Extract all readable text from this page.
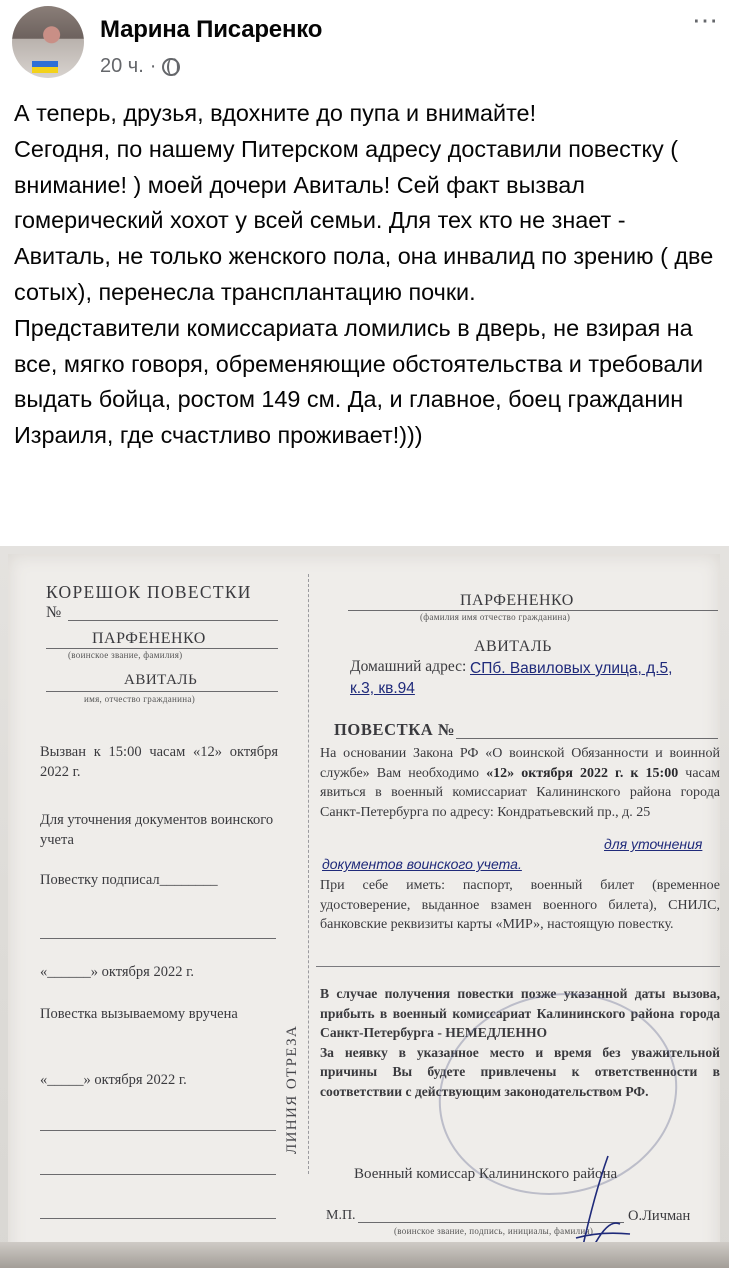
Марина Писаренко
20 ч. ·
⋯
А теперь, друзья, вдохните до пупа и внимайте!
Сегодня, по нашему Питерском адресу доставили повестку ( внимание! ) моей дочери Авиталь! Сей факт вызвал гомерический хохот у всей семьи. Для тех кто не знает - Авиталь, не только женского пола, она инвалид по зрению ( две сотых), перенесла трансплантацию почки.
Представители комиссариата ломились в дверь, не взирая на все, мягко говоря, обременяющие обстоятельства и требовали выдать бойца, ростом 149 см. Да, и главное, боец гражданин Израиля, где счастливо проживает!)))
КОРЕШОК ПОВЕСТКИ
№
ПАРФЕНЕНКО
(воинское звание, фамилия)
АВИТАЛЬ
имя, отчество гражданина)
Вызван к 15:00 часам «12» октября 2022 г.
Для уточнения документов воинского учета
Повестку подписал________
«______» октября 2022 г.
Повестка вызываемому вручена
«_____» октября 2022 г.	ЛИНИЯ ОТРЕЗА
ПАРФЕНЕНКО
(фамилия имя отчество гражданина)
АВИТАЛЬ
Домашний адрес: СПб. Вавиловых улица, д.5,
к.3, кв.94
ПОВЕСТКА №
На основании Закона РФ «О воинской Обязанности и воинной службе» Вам необходимо «12» октября 2022 г. к 15:00 часам явиться в военный комиссариат Калининского района города Санкт-Петербурга по адресу: Кондратьевский пр., д. 25
для уточнения
документов воинского учета.
При себе иметь: паспорт, военный билет (временное удостоверение, выданное взамен военного билета), СНИЛС, банковские реквизиты карты «МИР», настоящую повестку.
В случае получения повестки позже указанной даты вызова, прибыть в военный комиссариат Калининского района города Санкт-Петербурга - НЕМЕДЛЕННО
За неявку в указанное место и время без уважительной причины Вы будете привлечены к ответственности в соответствии с действующим законодательством РФ.
Военный комиссар Калининского района
М.П.	О.Личман
(воинское звание, подпись, инициалы, фамилия)
